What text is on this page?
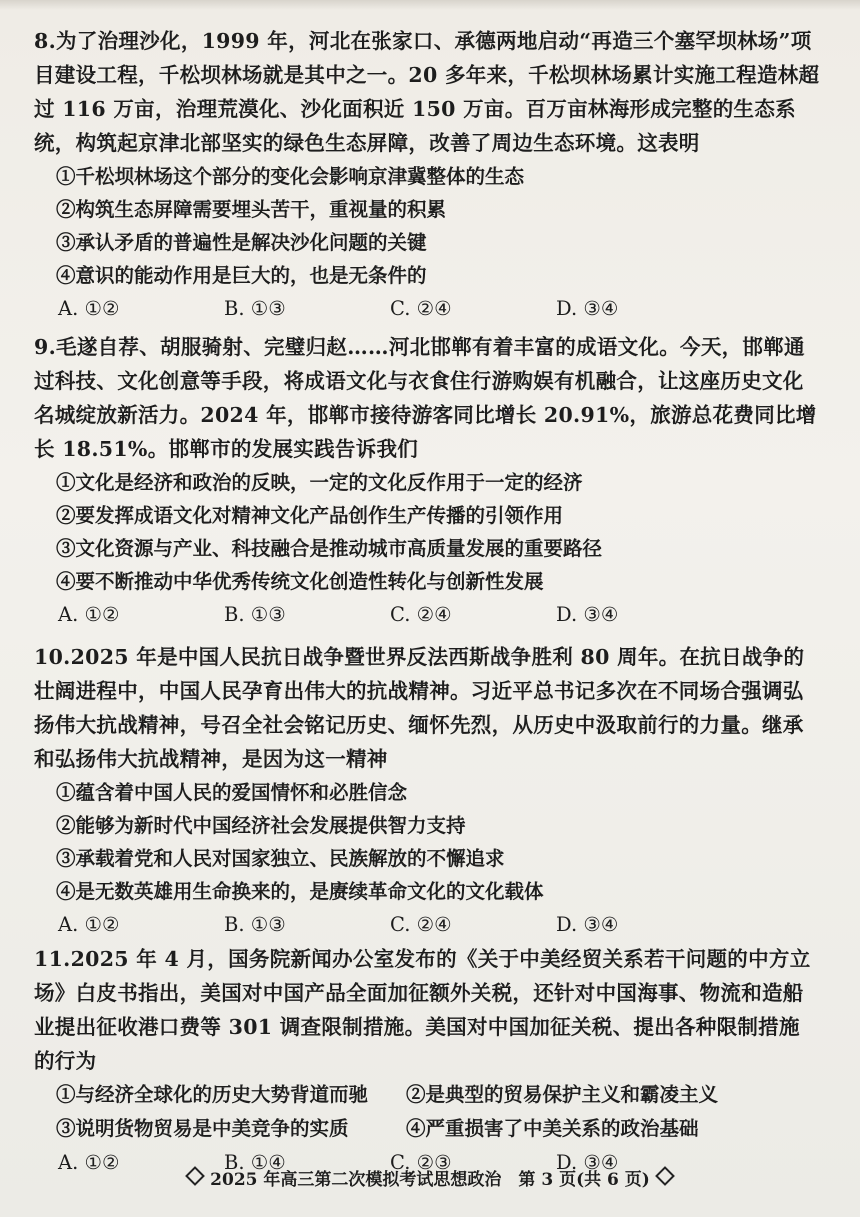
8.为了治理沙化，1999 年，河北在张家口、承德两地启动“再造三个塞罕坝林场”项目建设工程，千松坝林场就是其中之一。20 多年来，千松坝林场累计实施工程造林超过 116 万亩，治理荒漠化、沙化面积近 150 万亩。百万亩林海形成完整的生态系统，构筑起京津北部坚实的绿色生态屏障，改善了周边生态环境。这表明
①千松坝林场这个部分的变化会影响京津冀整体的生态
②构筑生态屏障需要埋头苦干，重视量的积累
③承认矛盾的普遍性是解决沙化问题的关键
④意识的能动作用是巨大的，也是无条件的
A. ①②	B. ①③	C. ②④	D. ③④
9.毛遂自荐、胡服骑射、完璧归赵……河北邯郸有着丰富的成语文化。今天，邯郸通过科技、文化创意等手段，将成语文化与衣食住行游购娱有机融合，让这座历史文化名城绽放新活力。2024 年，邯郸市接待游客同比增长 20.91%，旅游总花费同比增长 18.51%。邯郸市的发展实践告诉我们
①文化是经济和政治的反映，一定的文化反作用于一定的经济
②要发挥成语文化对精神文化产品创作生产传播的引领作用
③文化资源与产业、科技融合是推动城市高质量发展的重要路径
④要不断推动中华优秀传统文化创造性转化与创新性发展
A. ①②	B. ①③	C. ②④	D. ③④
10.2025 年是中国人民抗日战争暨世界反法西斯战争胜利 80 周年。在抗日战争的壮阔进程中，中国人民孕育出伟大的抗战精神。习近平总书记多次在不同场合强调弘扬伟大抗战精神，号召全社会铭记历史、缅怀先烈，从历史中汲取前行的力量。继承和弘扬伟大抗战精神，是因为这一精神
①蕴含着中国人民的爱国情怀和必胜信念
②能够为新时代中国经济社会发展提供智力支持
③承载着党和人民对国家独立、民族解放的不懈追求
④是无数英雄用生命换来的，是赓续革命文化的文化载体
A. ①②	B. ①③	C. ②④	D. ③④
11.2025 年 4 月，国务院新闻办公室发布的《关于中美经贸关系若干问题的中方立场》白皮书指出，美国对中国产品全面加征额外关税，还针对中国海事、物流和造船业提出征收港口费等 301 调查限制措施。美国对中国加征关税、提出各种限制措施的行为
①与经济全球化的历史大势背道而驰	②是典型的贸易保护主义和霸凌主义
③说明货物贸易是中美竞争的实质	④严重损害了中美关系的政治基础
A. ①②	B. ①④	C. ②③	D. ③④
2025 年高三第二次模拟考试思想政治　第 3 页(共 6 页)
